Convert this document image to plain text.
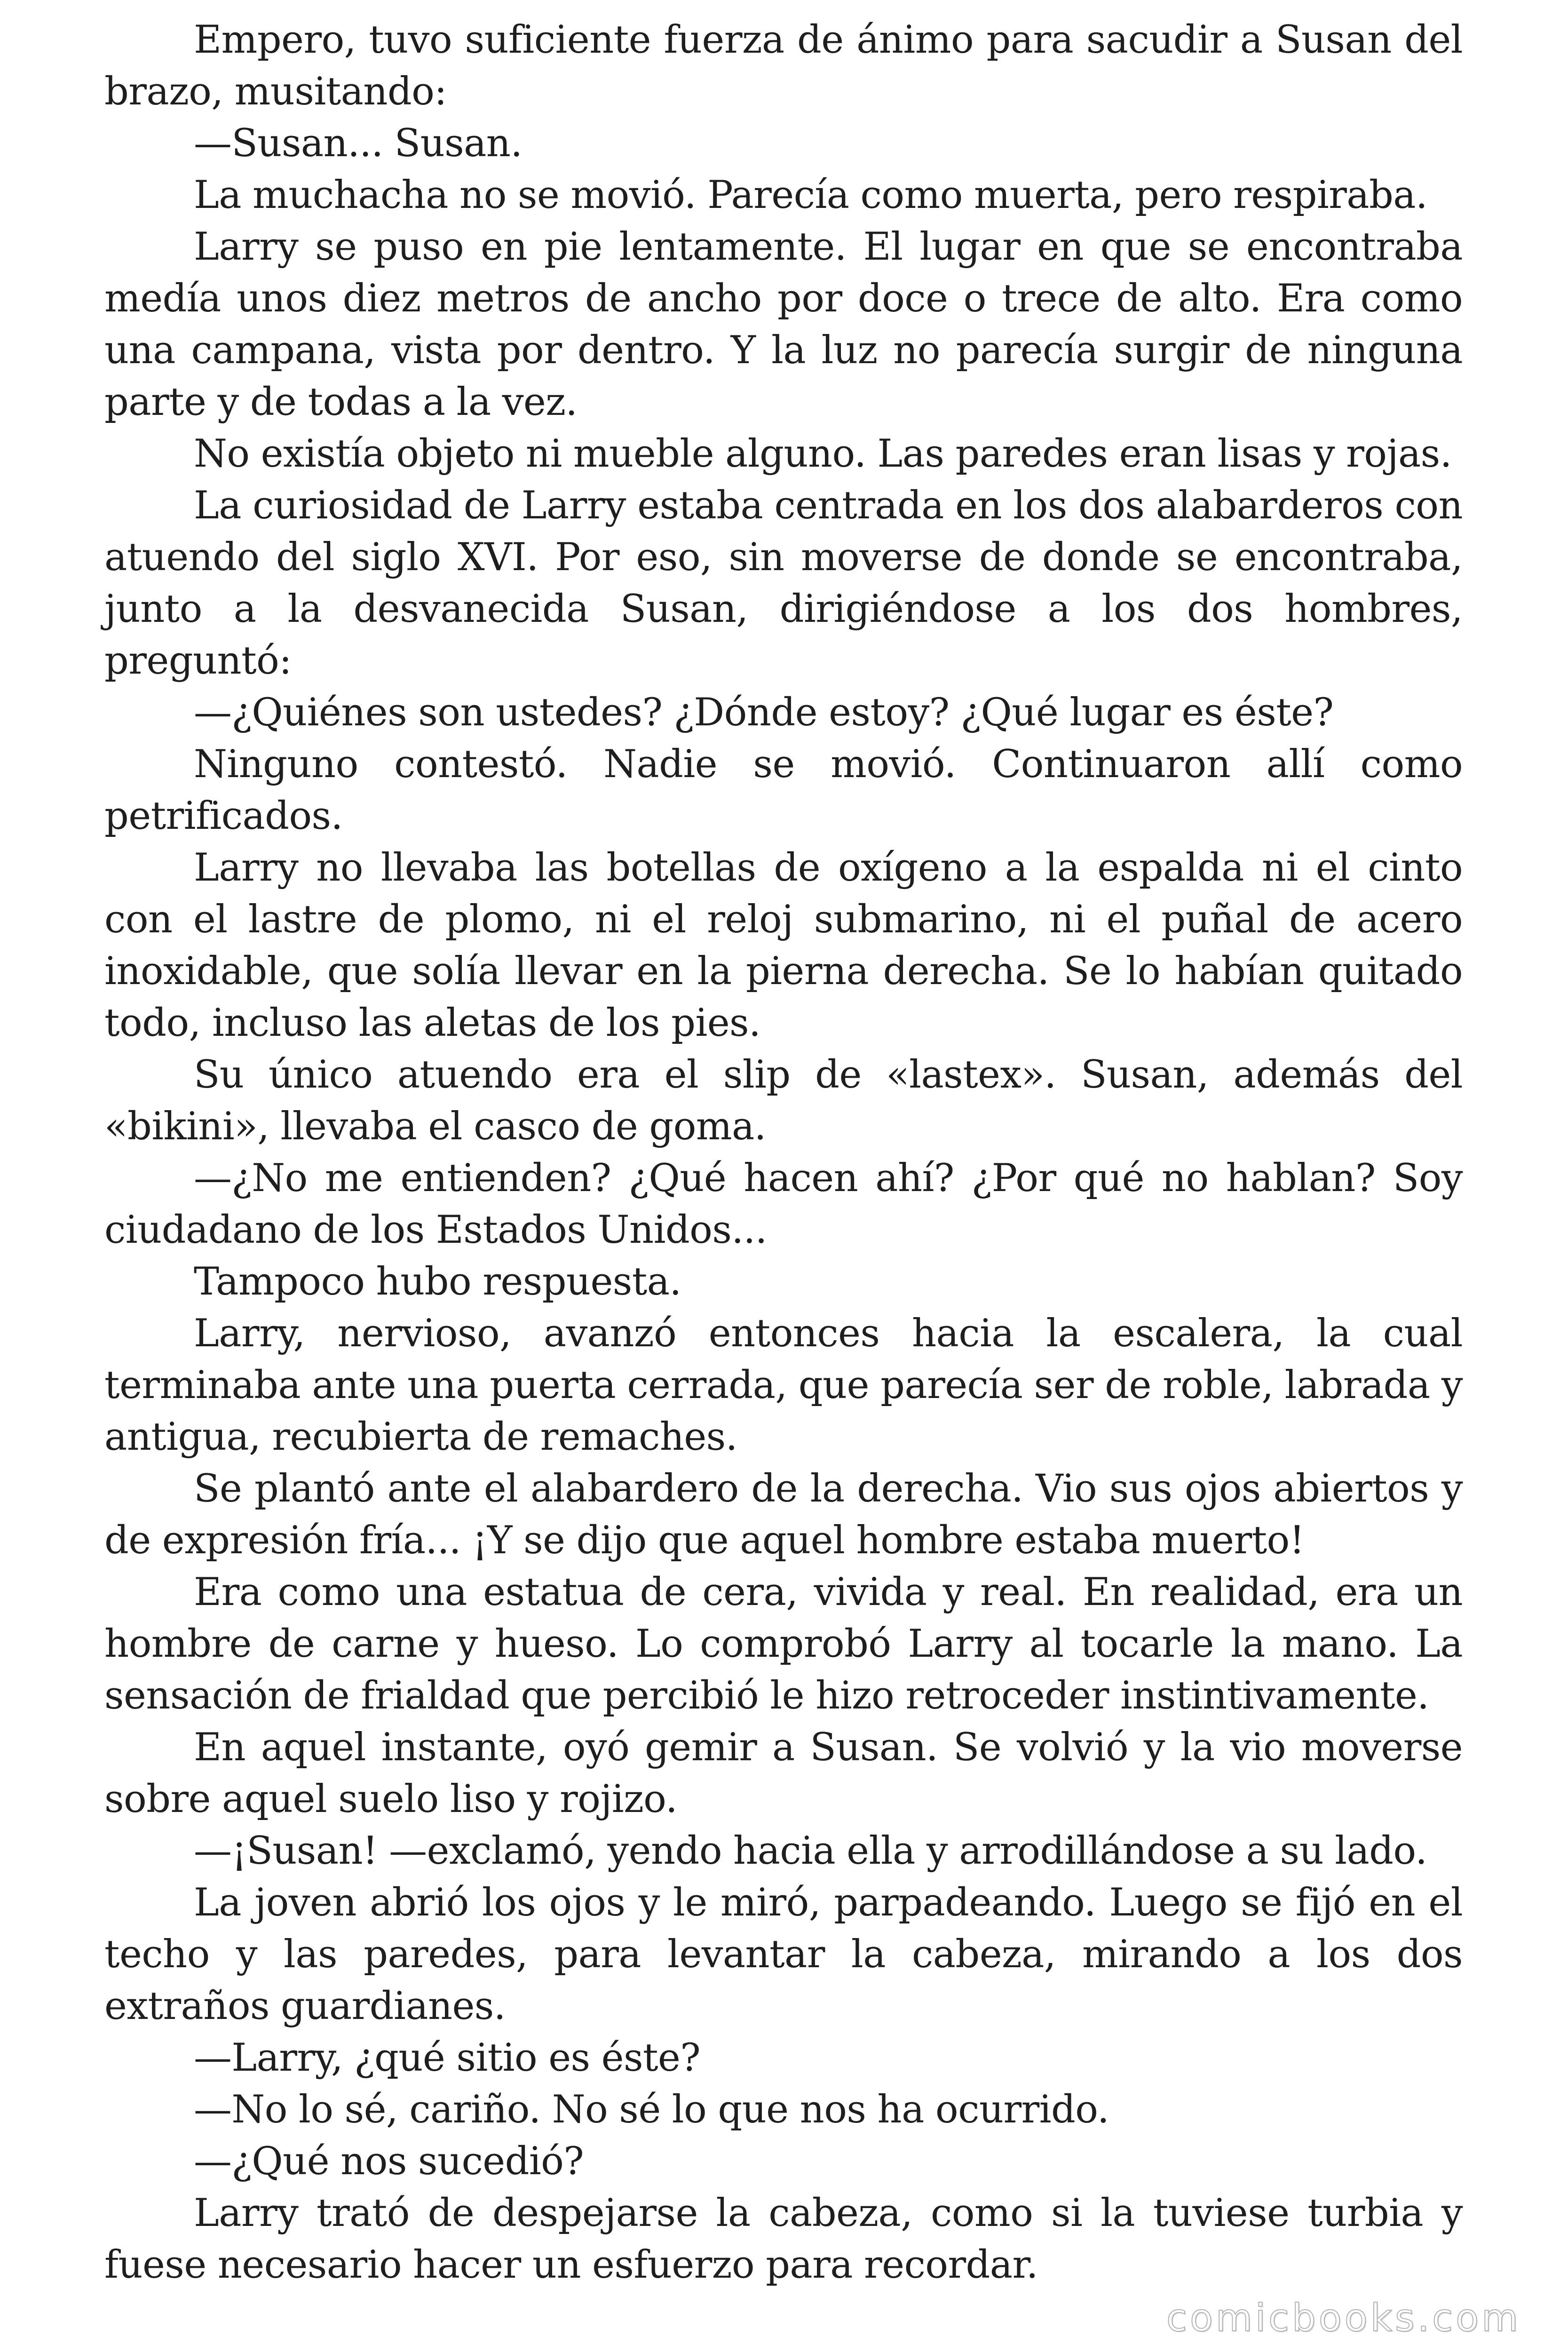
Empero, tuvo suficiente fuerza de ánimo para sacudir a Susan del brazo, musitando:

—Susan... Susan.

La muchacha no se movió. Parecía como muerta, pero respiraba.

Larry se puso en pie lentamente. El lugar en que se encontraba medía unos diez metros de ancho por doce o trece de alto. Era como una campana, vista por dentro. Y la luz no parecía surgir de ninguna parte y de todas a la vez.

No existía objeto ni mueble alguno. Las paredes eran lisas y rojas.

La curiosidad de Larry estaba centrada en los dos alabarderos con atuendo del siglo XVI. Por eso, sin moverse de donde se encontraba, junto a la desvanecida Susan, dirigiéndose a los dos hombres, preguntó:

—¿Quiénes son ustedes? ¿Dónde estoy? ¿Qué lugar es éste?

Ninguno contestó. Nadie se movió. Continuaron allí como petrificados.

Larry no llevaba las botellas de oxígeno a la espalda ni el cinto con el lastre de plomo, ni el reloj submarino, ni el puñal de acero inoxidable, que solía llevar en la pierna derecha. Se lo habían quitado todo, incluso las aletas de los pies.

Su único atuendo era el slip de «lastex». Susan, además del «bikini», llevaba el casco de goma.

—¿No me entienden? ¿Qué hacen ahí? ¿Por qué no hablan? Soy ciudadano de los Estados Unidos...

Tampoco hubo respuesta.

Larry, nervioso, avanzó entonces hacia la escalera, la cual terminaba ante una puerta cerrada, que parecía ser de roble, labrada y antigua, recubierta de remaches.

Se plantó ante el alabardero de la derecha. Vio sus ojos abiertos y de expresión fría... ¡Y se dijo que aquel hombre estaba muerto!

Era como una estatua de cera, vivida y real. En realidad, era un hombre de carne y hueso. Lo comprobó Larry al tocarle la mano. La sensación de frialdad que percibió le hizo retroceder instintivamente.

En aquel instante, oyó gemir a Susan. Se volvió y la vio moverse sobre aquel suelo liso y rojizo.

—¡Susan! —exclamó, yendo hacia ella y arrodillándose a su lado.

La joven abrió los ojos y le miró, parpadeando. Luego se fijó en el techo y las paredes, para levantar la cabeza, mirando a los dos extraños guardianes.

—Larry, ¿qué sitio es éste?

—No lo sé, cariño. No sé lo que nos ha ocurrido.

—¿Qué nos sucedió?

Larry trató de despejarse la cabeza, como si la tuviese turbia y fuese necesario hacer un esfuerzo para recordar.

comicbooks.com
